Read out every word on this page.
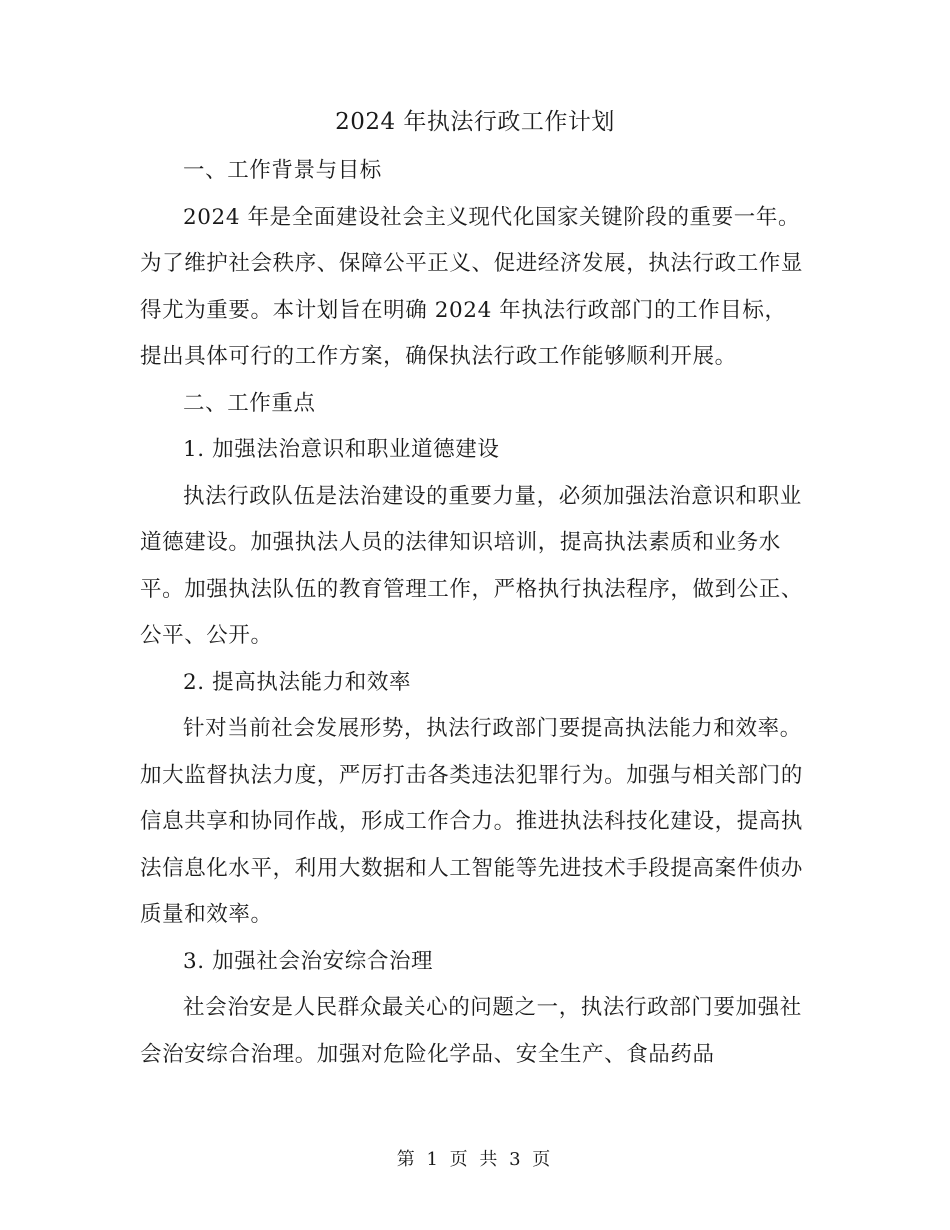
2024 年执法行政工作计划

一、工作背景与目标

2024 年是全面建设社会主义现代化国家关键阶段的重要一年。为了维护社会秩序、保障公平正义、促进经济发展，执法行政工作显得尤为重要。本计划旨在明确 2024 年执法行政部门的工作目标，提出具体可行的工作方案，确保执法行政工作能够顺利开展。

二、工作重点

1. 加强法治意识和职业道德建设

执法行政队伍是法治建设的重要力量，必须加强法治意识和职业道德建设。加强执法人员的法律知识培训，提高执法素质和业务水平。加强执法队伍的教育管理工作，严格执行执法程序，做到公正、公平、公开。

2. 提高执法能力和效率

针对当前社会发展形势，执法行政部门要提高执法能力和效率。加大监督执法力度，严厉打击各类违法犯罪行为。加强与相关部门的信息共享和协同作战，形成工作合力。推进执法科技化建设，提高执法信息化水平，利用大数据和人工智能等先进技术手段提高案件侦办质量和效率。

3. 加强社会治安综合治理

社会治安是人民群众最关心的问题之一，执法行政部门要加强社会治安综合治理。加强对危险化学品、安全生产、食品药品

第 1 页 共 3 页
